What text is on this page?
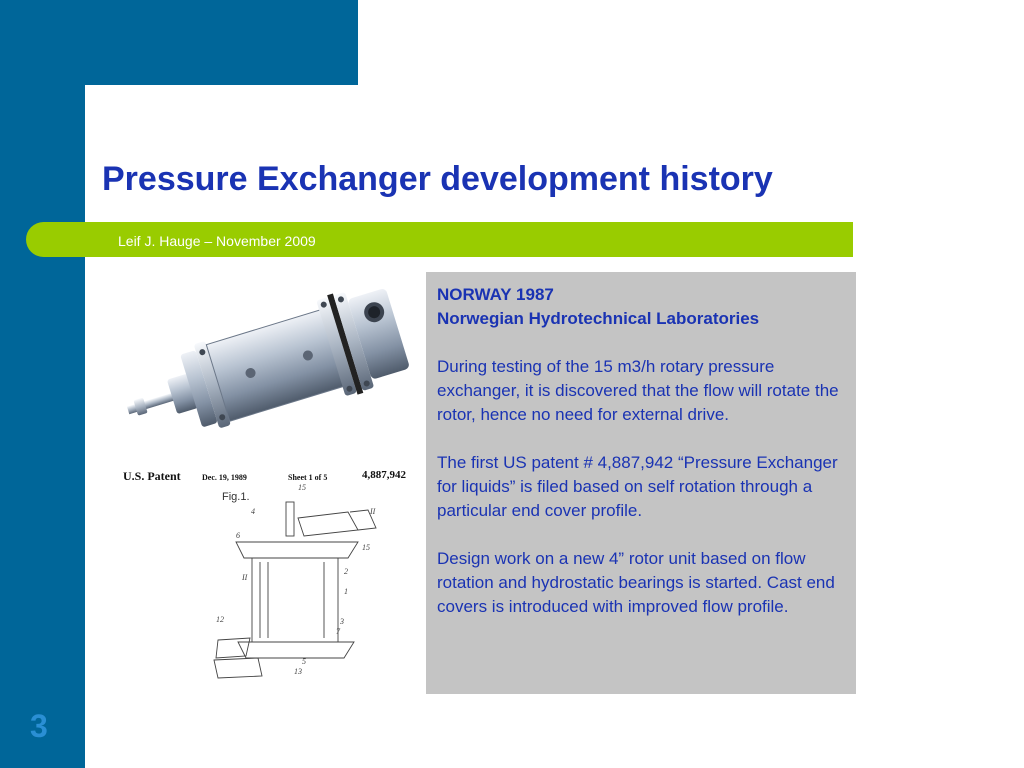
Pressure Exchanger development history
Leif J. Hauge – November 2009
3
U.S. Patent	Dec. 19, 1989	Sheet 1 of 5	4,887,942
Fig.1.
15
4
6
II
II
15
2
1
12	3
7
5
13

NORWAY 1987

Norwegian Hydrotechnical Laboratories

During testing of the 15 m3/h rotary pressure exchanger, it is discovered that the flow will rotate the rotor, hence no need for external drive.

The first US patent # 4,887,942 “Pressure Exchanger for liquids” is filed based on self rotation through a particular end cover profile.

Design work on a new 4” rotor unit based on flow rotation and hydrostatic bearings is started. Cast end covers is introduced with improved flow profile.
